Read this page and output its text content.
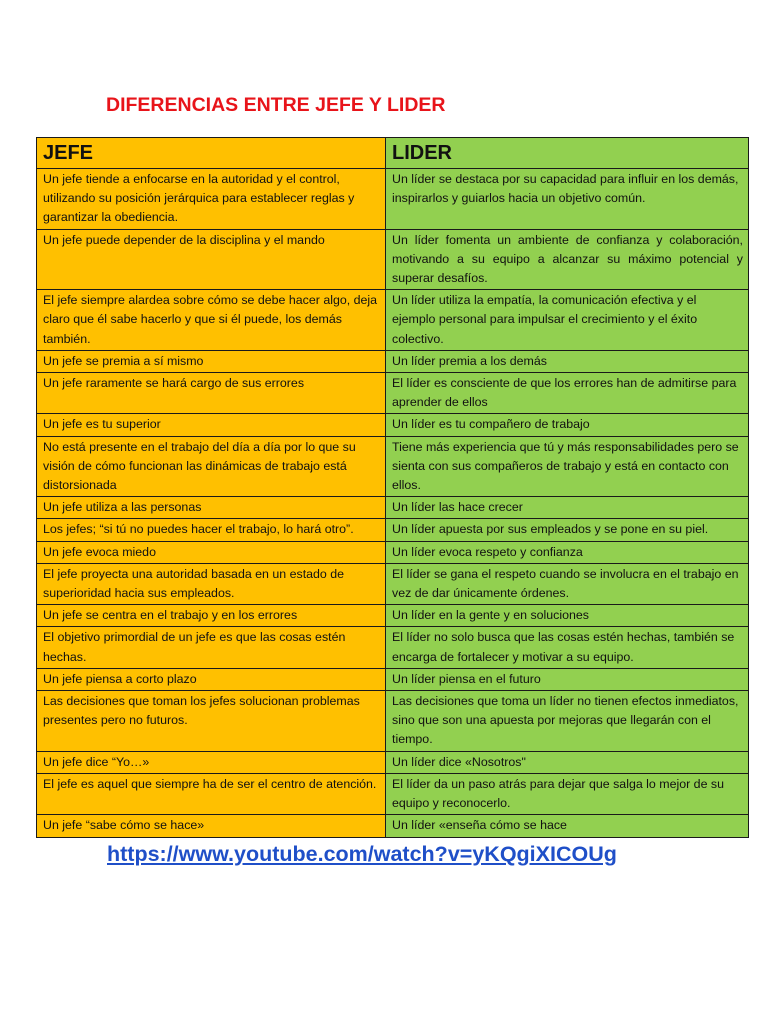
DIFERENCIAS ENTRE JEFE Y LIDER
JEFE	LIDER
Un jefe tiende a enfocarse en la autoridad y el control, utilizando su posición jerárquica para establecer reglas y garantizar la obediencia.	Un líder se destaca por su capacidad para influir en los demás, inspirarlos y guiarlos hacia un objetivo común.
Un jefe puede depender de la disciplina y el mando	Un líder fomenta un ambiente de confianza y colaboración, motivando a su equipo a alcanzar su máximo potencial y superar desafíos.
El jefe siempre alardea sobre cómo se debe hacer algo, deja claro que él sabe hacerlo y que si él puede, los demás también.	Un líder utiliza la empatía, la comunicación efectiva y el ejemplo personal para impulsar el crecimiento y el éxito colectivo.
Un jefe se premia a sí mismo	Un líder premia a los demás
Un jefe raramente se hará cargo de sus errores	El líder es consciente de que los errores han de admitirse para aprender de ellos
Un jefe es tu superior	Un líder es tu compañero de trabajo
No está presente en el trabajo del día a día por lo que su visión de cómo funcionan las dinámicas de trabajo está distorsionada	Tiene más experiencia que tú y más responsabilidades pero se sienta con sus compañeros de trabajo y está en contacto con ellos.
Un jefe utiliza a las personas	Un líder las hace crecer
Los jefes; “si tú no puedes hacer el trabajo, lo hará otro”.	Un líder apuesta por sus empleados y se pone en su piel.
Un jefe evoca miedo	Un líder evoca respeto y confianza
El jefe proyecta una autoridad basada en un estado de superioridad hacia sus empleados.	El líder se gana el respeto cuando se involucra en el trabajo en vez de dar únicamente órdenes.
Un jefe se centra en el trabajo y en los errores	Un líder en la gente y en soluciones
El objetivo primordial de un jefe es que las cosas estén hechas.	El líder no solo busca que las cosas estén hechas, también se encarga de fortalecer y motivar a su equipo.
Un jefe piensa a corto plazo	Un líder piensa en el futuro
Las decisiones que toman los jefes solucionan problemas presentes pero no futuros.	Las decisiones que toma un líder no tienen efectos inmediatos, sino que son una apuesta por mejoras que llegarán con el tiempo.
Un jefe dice “Yo…»	Un líder dice «Nosotros"
El jefe es aquel que siempre ha de ser el centro de atención.	El líder da un paso atrás para dejar que salga lo mejor de su equipo y reconocerlo.
Un jefe “sabe cómo se hace»	Un líder «enseña cómo se hace
https://www.youtube.com/watch?v=yKQgiXICOUg
